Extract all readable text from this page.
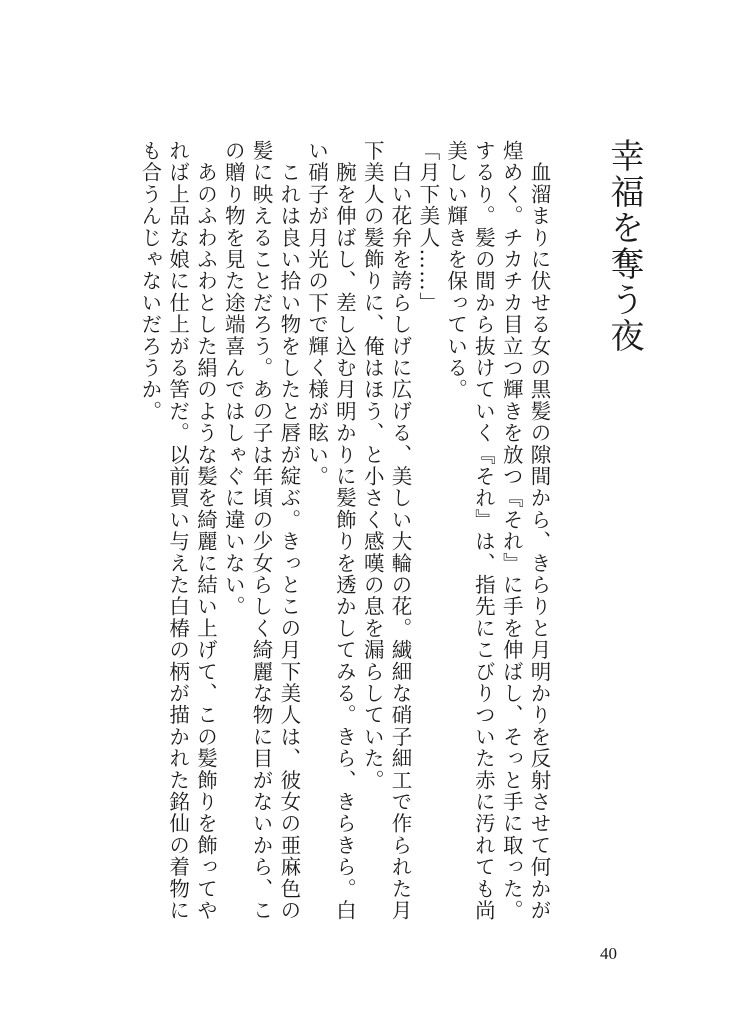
幸福を奪う夜

　血溜まりに伏せる女の黒髪の隙間から、きらりと月明かりを反射させて何かが煌めく。チカチカ目立つ輝きを放つ『それ』に手を伸ばし、そっと手に取った。

するり。髪の間から抜けていく『それ』は、指先にこびりついた赤に汚れても尚美しい輝きを保っている。

「月下美人……」

　白い花弁を誇らしげに広げる、美しい大輪の花。繊細な硝子細工で作られた月下美人の髪飾りに、俺はほう、と小さく感嘆の息を漏らしていた。

　腕を伸ばし、差し込む月明かりに髪飾りを透かしてみる。きら、きらきら。白い硝子が月光の下で輝く様が眩い。

　これは良い拾い物をしたと唇が綻ぶ。きっとこの月下美人は、彼女の亜麻色の髪に映えることだろう。あの子は年頃の少女らしく綺麗な物に目がないから、この贈り物を見た途端喜んではしゃぐに違いない。

　あのふわふわとした絹のような髪を綺麗に結い上げて、この髪飾りを飾ってやれば上品な娘に仕上がる筈だ。以前買い与えた白椿の柄が描かれた銘仙の着物にも合うんじゃないだろうか。

40
